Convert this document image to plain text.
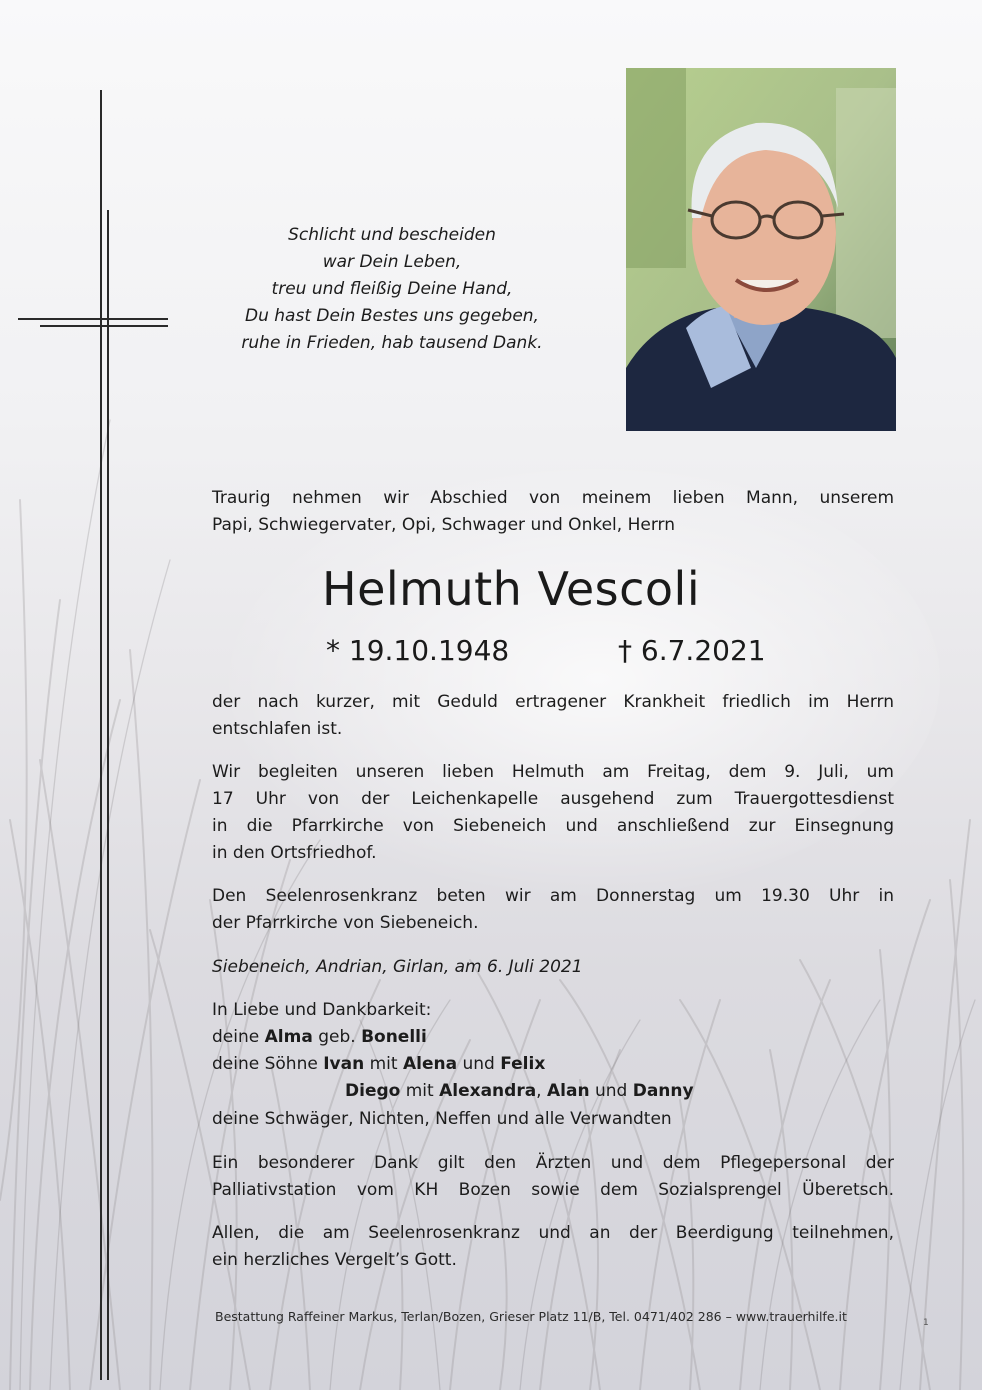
Schlicht und bescheiden
war Dein Leben,
treu und fleißig Deine Hand,
Du hast Dein Bestes uns gegeben,
ruhe in Frieden, hab tausend Dank.
Traurig nehmen wir Abschied von meinem lieben Mann, unserem
Papi, Schwiegervater, Opi, Schwager und Onkel, Herrn
Helmuth Vescoli
* 19.10.1948	† 6.7.2021
der nach kurzer, mit Geduld ertragener Krankheit friedlich im Herrn
entschlafen ist.
Wir begleiten unseren lieben Helmuth am Freitag, dem 9. Juli, um
17 Uhr von der Leichenkapelle ausgehend zum Trauergottesdienst
in die Pfarrkirche von Siebeneich und anschließend zur Einsegnung
in den Ortsfriedhof.
Den Seelenrosenkranz beten wir am Donnerstag um 19.30 Uhr in
der Pfarrkirche von Siebeneich.
Siebeneich, Andrian, Girlan, am 6. Juli 2021
In Liebe und Dankbarkeit:
deine Alma geb. Bonelli
deine Söhne Ivan mit Alena und Felix
Diego mit Alexandra, Alan und Danny
deine Schwäger, Nichten, Neffen und alle Verwandten
Ein besonderer Dank gilt den Ärzten und dem Pflegepersonal der
Palliativstation vom KH Bozen sowie dem Sozialsprengel Überetsch.
Allen, die am Seelenrosenkranz und an der Beerdigung teilnehmen,
ein herzliches Vergelt’s Gott.
Bestattung Raffeiner Markus, Terlan/Bozen, Grieser Platz 11/B, Tel. 0471/402 286 – www.trauerhilfe.it	1
